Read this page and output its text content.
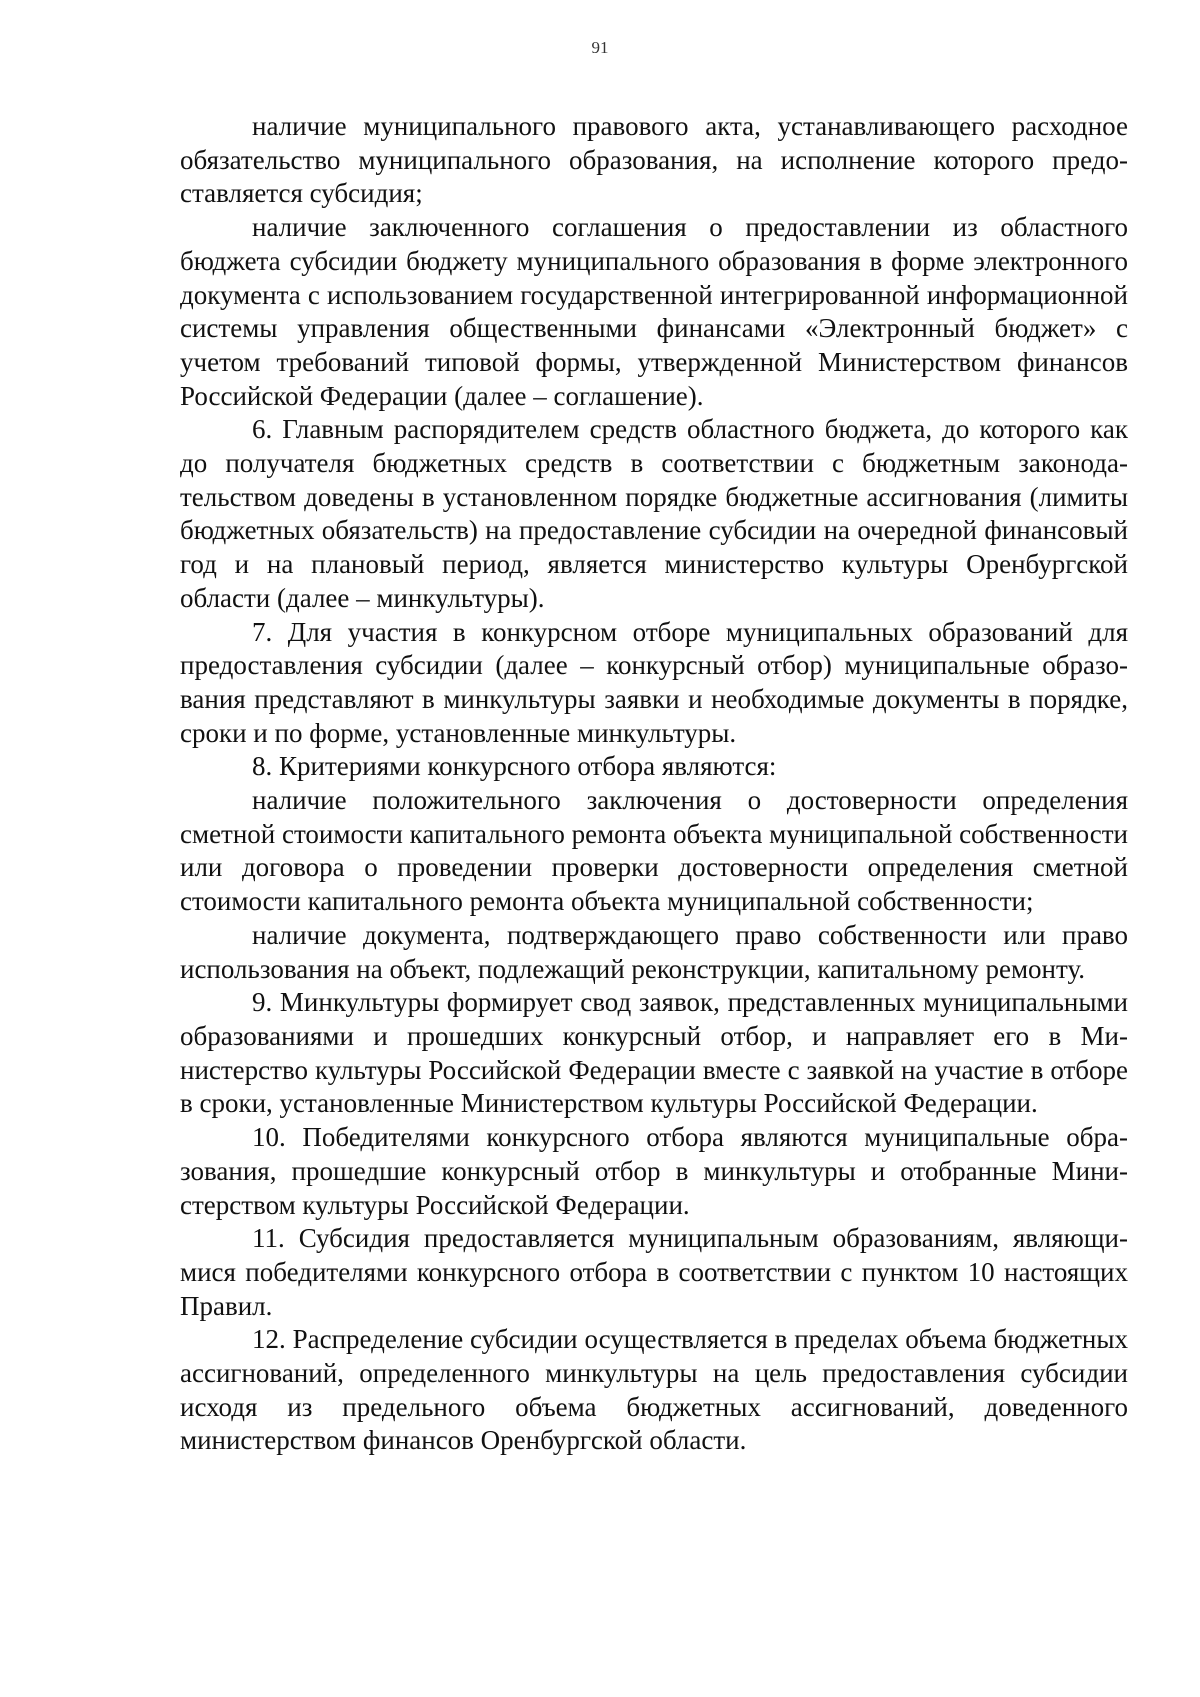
91

наличие муниципального правового акта, устанавливающего расходное обязательство муниципального образования, на исполнение которого предоставляется субсидия;

наличие заключенного соглашения о предоставлении из областного бюджета субсидии бюджету муниципального образования в форме электронного документа с использованием государственной интегрированной информационной системы управления общественными финансами «Электронный бюджет» с учетом требований типовой формы, утвержденной Министерством финансов Российской Федерации (далее – соглашение).

6. Главным распорядителем средств областного бюджета, до которого как до получателя бюджетных средств в соответствии с бюджетным законодательством доведены в установленном порядке бюджетные ассигнования (лимиты бюджетных обязательств) на предоставление субсидии на очередной финансовый год и на плановый период, является министерство культуры Оренбургской области (далее – минкультуры).

7. Для участия в конкурсном отборе муниципальных образований для предоставления субсидии (далее – конкурсный отбор) муниципальные образования представляют в минкультуры заявки и необходимые документы в порядке, сроки и по форме, установленные минкультуры.

8. Критериями конкурсного отбора являются:

наличие положительного заключения о достоверности определения сметной стоимости капитального ремонта объекта муниципальной собственности или договора о проведении проверки достоверности определения сметной стоимости капитального ремонта объекта муниципальной собственности;

наличие документа, подтверждающего право собственности или право использования на объект, подлежащий реконструкции, капитальному ремонту.

9. Минкультуры формирует свод заявок, представленных муниципальными образованиями и прошедших конкурсный отбор, и направляет его в Министерство культуры Российской Федерации вместе с заявкой на участие в отборе в сроки, установленные Министерством культуры Российской Федерации.

10. Победителями конкурсного отбора являются муниципальные образования, прошедшие конкурсный отбор в минкультуры и отобранные Министерством культуры Российской Федерации.

11. Субсидия предоставляется муниципальным образованиям, являющимися победителями конкурсного отбора в соответствии с пунктом 10 настоящих Правил.

12. Распределение субсидии осуществляется в пределах объема бюджетных ассигнований, определенного минкультуры на цель предоставления субсидии исходя из предельного объема бюджетных ассигнований, доведенного министерством финансов Оренбургской области.
